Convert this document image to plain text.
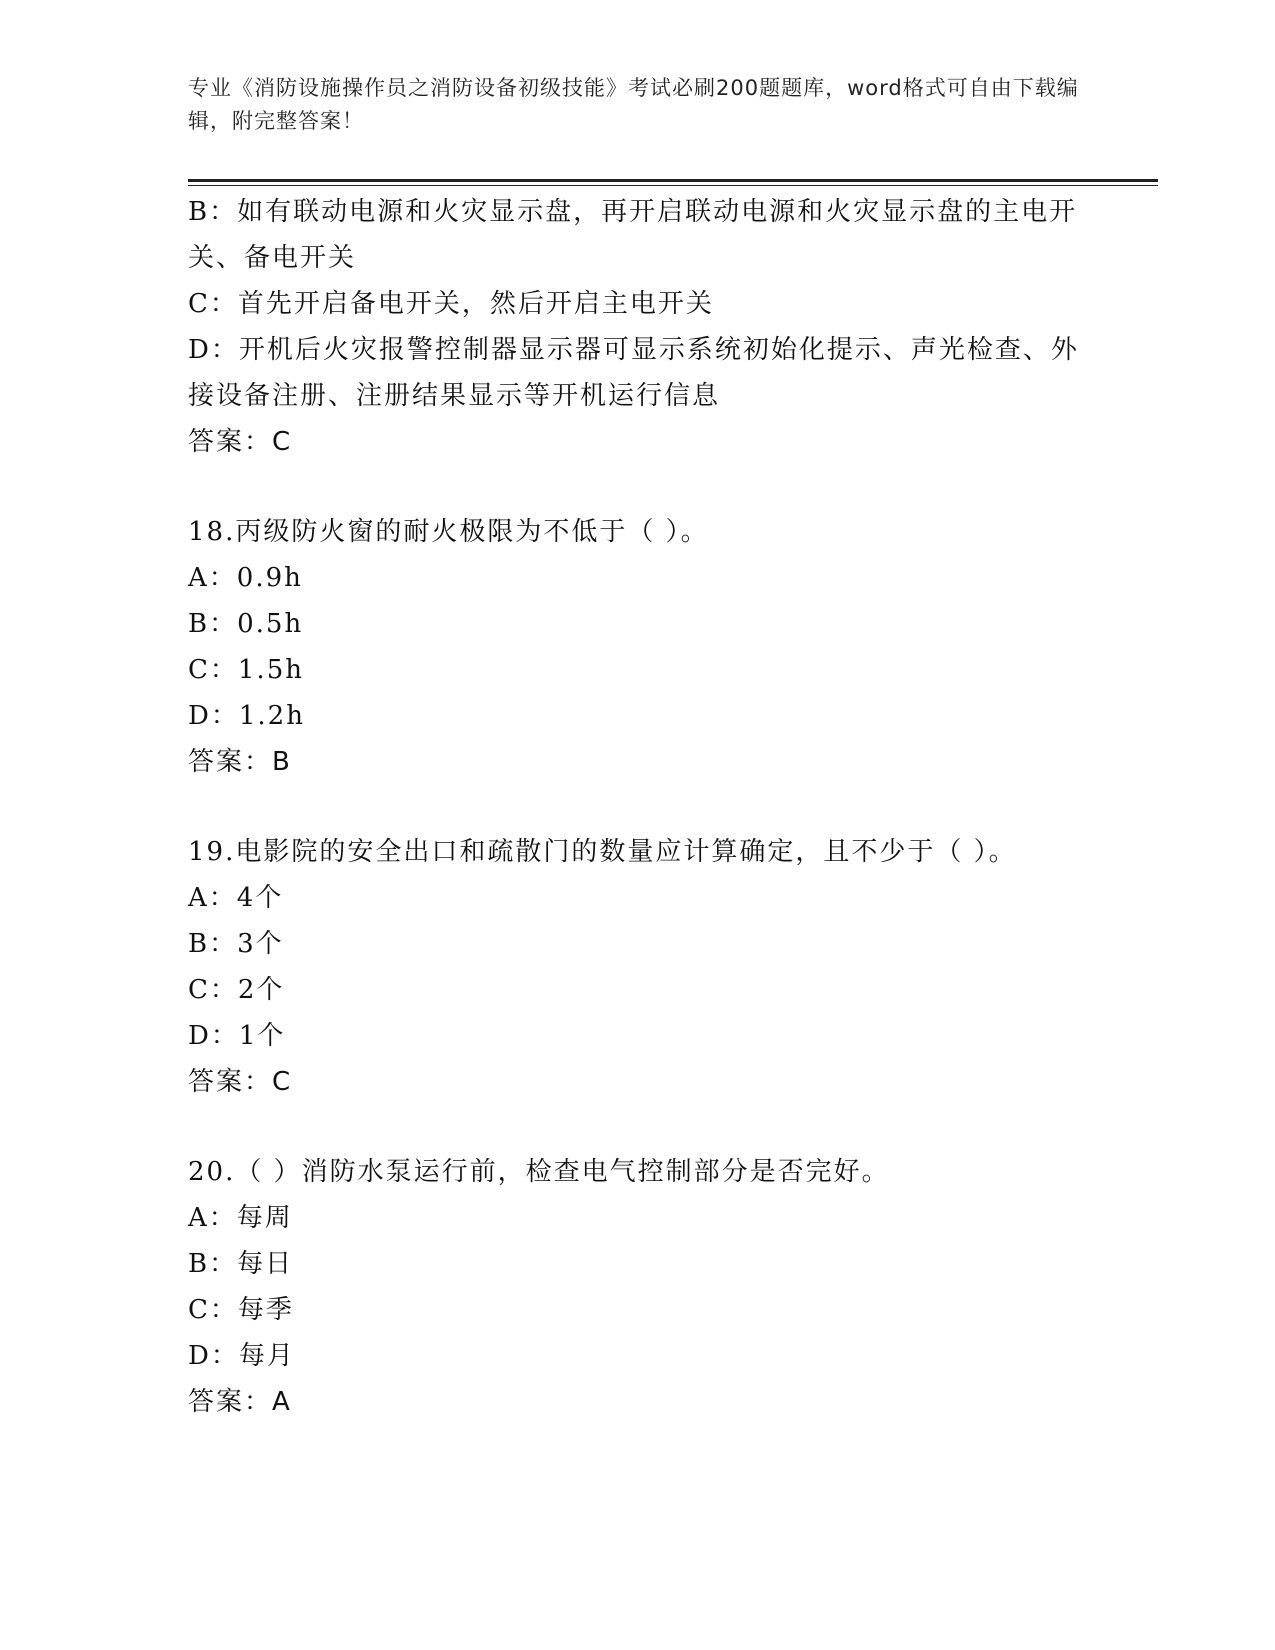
专业《消防设施操作员之消防设备初级技能》考试必刷200题题库，word格式可自由下载编辑，附完整答案！
B：如有联动电源和火灾显示盘，再开启联动电源和火灾显示盘的主电开关、备电开关
C：首先开启备电开关，然后开启主电开关
D：开机后火灾报警控制器显示器可显示系统初始化提示、声光检查、外接设备注册、注册结果显示等开机运行信息
答案：C
18.丙级防火窗的耐火极限为不低于（ ）。
A：0.9h
B：0.5h
C：1.5h
D：1.2h
答案：B
19.电影院的安全出口和疏散门的数量应计算确定，且不少于（ ）。
A：4个
B：3个
C：2个
D：1个
答案：C
20.（ ）消防水泵运行前，检查电气控制部分是否完好。
A：每周
B：每日
C：每季
D：每月
答案：A
